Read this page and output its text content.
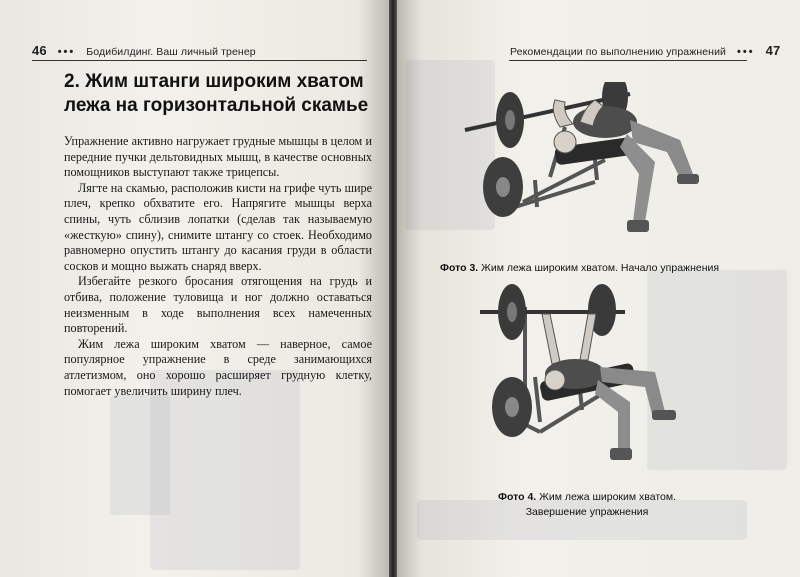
46 ••• Бодибилдинг. Ваш личный тренер
2. Жим штанги широким хватом лежа на горизонтальной скамье

Упражнение активно нагружает грудные мышцы в целом и передние пучки дельтовидных мышц, в качестве основных помощников выступают также трицепсы.

Лягте на скамью, расположив кисти на грифе чуть шире плеч, крепко обхватите его. Напрягите мышцы верха спины, чуть сблизив лопатки (сделав так называемую «жесткую» спину), снимите штангу со стоек. Необходимо равномерно опустить штангу до касания груди в области сосков и мощно выжать снаряд вверх.

Избегайте резкого бросания отягощения на грудь и отбива, положение туловища и ног должно оставаться неизменным в ходе выполнения всех намеченных повторений.

Жим лежа широким хватом — наверное, самое популярное упражнение в среде занимающихся атлетизмом, оно хорошо расширяет грудную клетку, помогает увеличить ширину плеч.

Рекомендации по выполнению упражнений ••• 47
Фото 3. Жим лежа широким хватом. Начало упражнения
Фото 4. Жим лежа широким хватом.
Завершение упражнения
